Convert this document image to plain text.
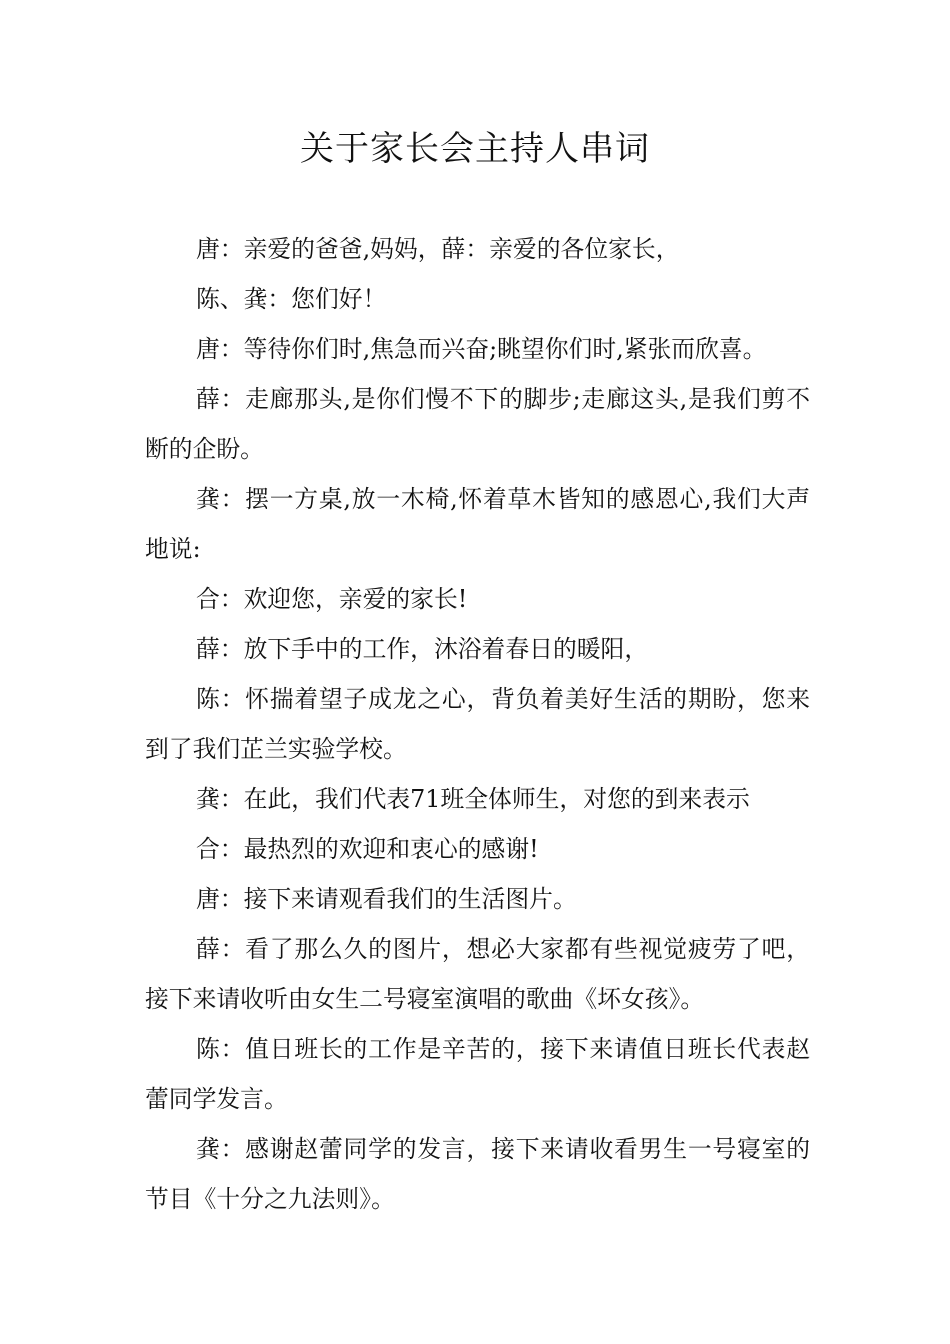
关于家长会主持人串词

唐：亲爱的爸爸,妈妈，薛：亲爱的各位家长，

陈、龚：您们好！

唐：等待你们时,焦急而兴奋;眺望你们时,紧张而欣喜。

薛：走廊那头,是你们慢不下的脚步;走廊这头,是我们剪不断的企盼。

龚：摆一方桌,放一木椅,怀着草木皆知的感恩心,我们大声地说:

合：欢迎您，亲爱的家长!

薛：放下手中的工作，沐浴着春日的暖阳，

陈：怀揣着望子成龙之心，背负着美好生活的期盼，您来到了我们芷兰实验学校。

龚：在此，我们代表71班全体师生，对您的到来表示

合：最热烈的欢迎和衷心的感谢!

唐：接下来请观看我们的生活图片。

薛：看了那么久的图片，想必大家都有些视觉疲劳了吧，接下来请收听由女生二号寝室演唱的歌曲《坏女孩》。

陈：值日班长的工作是辛苦的，接下来请值日班长代表赵蕾同学发言。

龚：感谢赵蕾同学的发言，接下来请收看男生一号寝室的节目《十分之九法则》。
